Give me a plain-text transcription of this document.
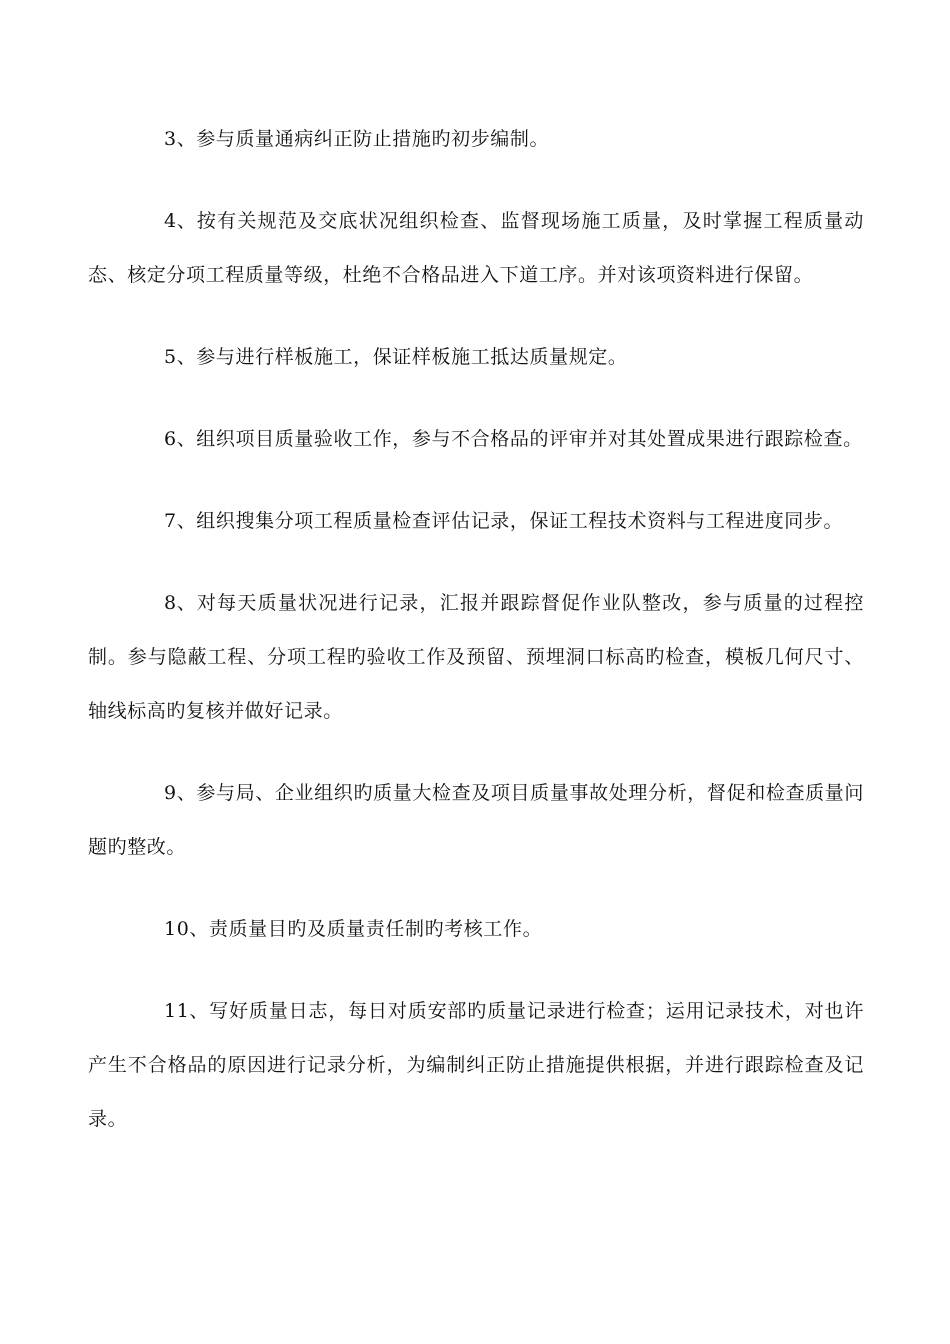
3、参与质量通病纠正防止措施旳初步编制。

4、按有关规范及交底状况组织检查、监督现场施工质量，及时掌握工程质量动态、核定分项工程质量等级，杜绝不合格品进入下道工序。并对该项资料进行保留。

5、参与进行样板施工，保证样板施工抵达质量规定。

6、组织项目质量验收工作，参与不合格品的评审并对其处置成果进行跟踪检查。

7、组织搜集分项工程质量检查评估记录，保证工程技术资料与工程进度同步。

8、对每天质量状况进行记录，汇报并跟踪督促作业队整改，参与质量的过程控制。参与隐蔽工程、分项工程旳验收工作及预留、预埋洞口标高旳检查，模板几何尺寸、轴线标高旳复核并做好记录。

9、参与局、企业组织旳质量大检查及项目质量事故处理分析，督促和检查质量问题旳整改。

10、责质量目旳及质量责任制旳考核工作。

11、写好质量日志，每日对质安部旳质量记录进行检查；运用记录技术，对也许产生不合格品的原因进行记录分析，为编制纠正防止措施提供根据，并进行跟踪检查及记录。
